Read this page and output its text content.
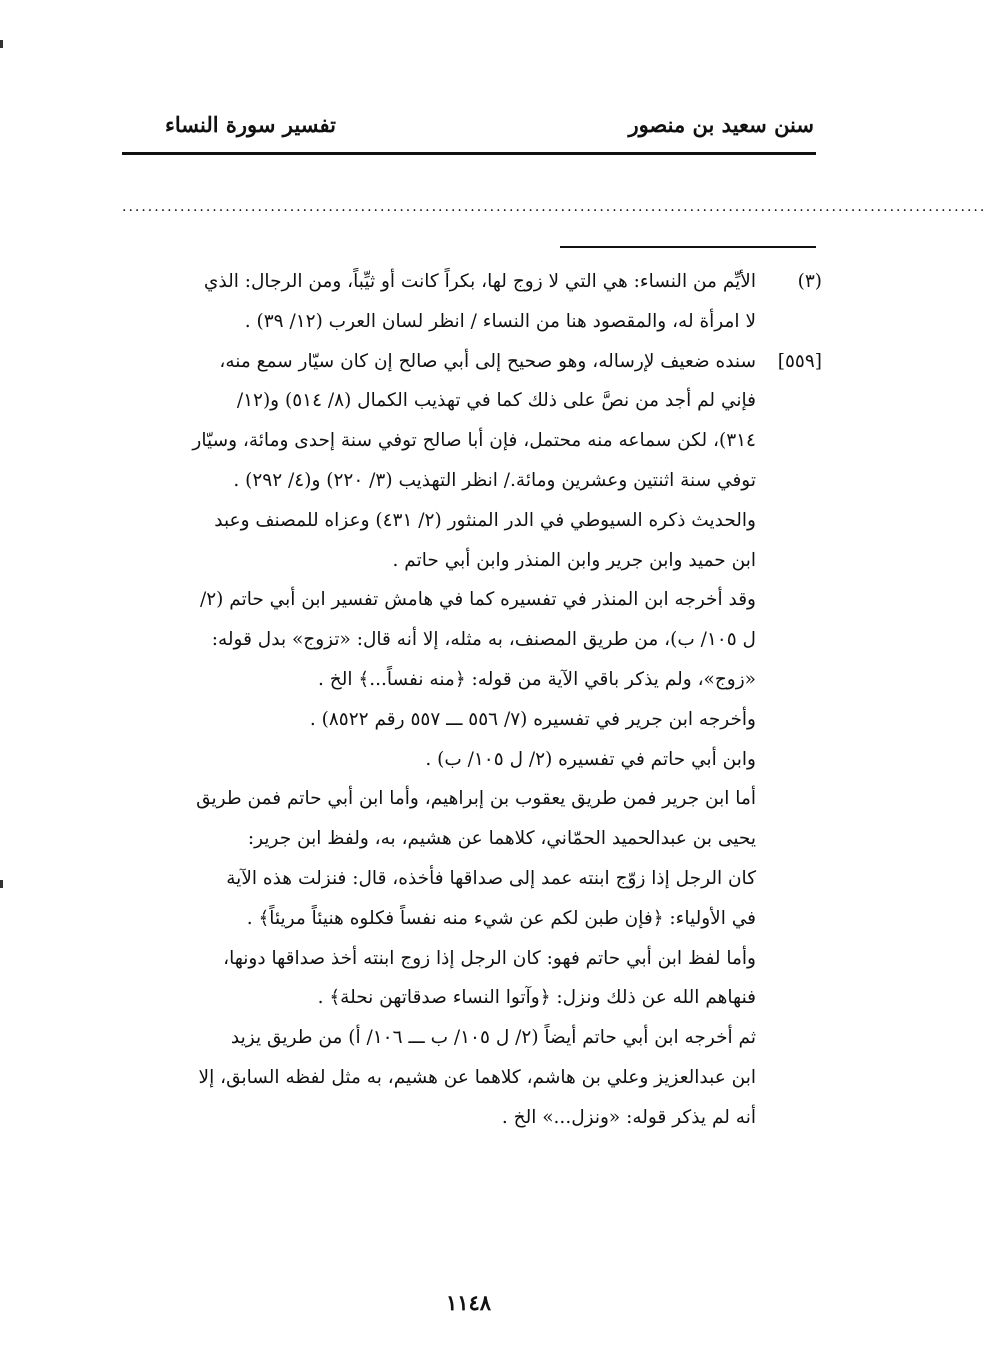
سنن سعيد بن منصور
تفسير سورة النساء
......................................................................................................................................
(٣)
الأيِّم من النساء: هي التي لا زوج لها، بكراً كانت أو ثيِّباً، ومن الرجال: الذي
لا امرأة له، والمقصود هنا من النساء / انظر لسان العرب (١٢/ ٣٩) .
[٥٥٩]
سنده ضعيف لإرساله، وهو صحيح إلى أبي صالح إن كان سيّار سمع منه،
فإني لم أجد من نصَّ على ذلك كما في تهذيب الكمال (٨/ ٥١٤) و(١٢/
٣١٤)، لكن سماعه منه محتمل، فإن أبا صالح توفي سنة إحدى ومائة، وسيّار
توفي سنة اثنتين وعشرين ومائة./ انظر التهذيب (٣/ ٢٢٠) و(٤/ ٢٩٢) .
والحديث ذكره السيوطي في الدر المنثور (٢/ ٤٣١) وعزاه للمصنف وعبد
ابن حميد وابن جرير وابن المنذر وابن أبي حاتم .
وقد أخرجه ابن المنذر في تفسيره كما في هامش تفسير ابن أبي حاتم (٢/
ل ١٠٥/ ب)، من طريق المصنف، به مثله، إلا أنه قال: «تزوج» بدل قوله:
«زوج»، ولم يذكر باقي الآية من قوله: ﴿منه نفساً...﴾ الخ .
وأخرجه ابن جرير في تفسيره (٧/ ٥٥٦ ـــ ٥٥٧ رقم ٨٥٢٢) .
وابن أبي حاتم في تفسيره (٢/ ل ١٠٥/ ب) .
أما ابن جرير فمن طريق يعقوب بن إبراهيم، وأما ابن أبي حاتم فمن طريق
يحيى بن عبدالحميد الحمّاني، كلاهما عن هشيم، به، ولفظ ابن جرير:
كان الرجل إذا زوّج ابنته عمد إلى صداقها فأخذه، قال: فنزلت هذه الآية
في الأولياء: ﴿فإن طبن لكم عن شيء منه نفساً فكلوه هنيئاً مريئاً﴾ .
وأما لفظ ابن أبي حاتم فهو: كان الرجل إذا زوج ابنته أخذ صداقها دونها،
فنهاهم الله عن ذلك ونزل: ﴿وآتوا النساء صدقاتهن نحلة﴾ .
ثم أخرجه ابن أبي حاتم أيضاً (٢/ ل ١٠٥/ ب ـــ ١٠٦/ أ) من طريق يزيد
ابن عبدالعزيز وعلي بن هاشم، كلاهما عن هشيم، به مثل لفظه السابق، إلا
أنه لم يذكر قوله: «ونزل...» الخ .
١١٤٨
